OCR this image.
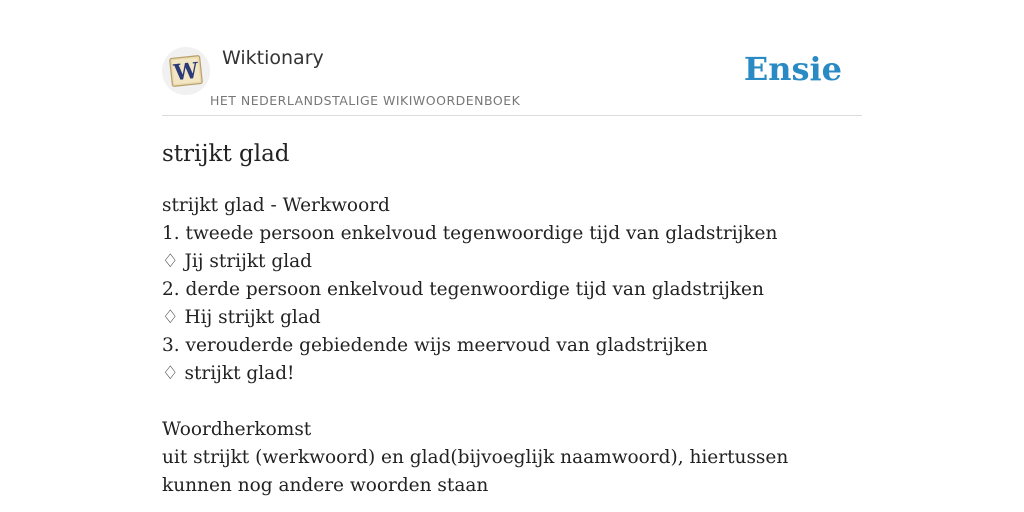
W Wiktionary
HET NEDERLANDSTALIGE WIKIWOORDENBOEK
Ensie
strijkt glad
strijkt glad - Werkwoord
1. tweede persoon enkelvoud tegenwoordige tijd van gladstrijken
♢ Jij strijkt glad
2. derde persoon enkelvoud tegenwoordige tijd van gladstrijken
♢ Hij strijkt glad
3. verouderde gebiedende wijs meervoud van gladstrijken
♢ strijkt glad!
Woordherkomst
uit strijkt (werkwoord) en glad(bijvoeglijk naamwoord), hiertussen kunnen nog andere woorden staan
